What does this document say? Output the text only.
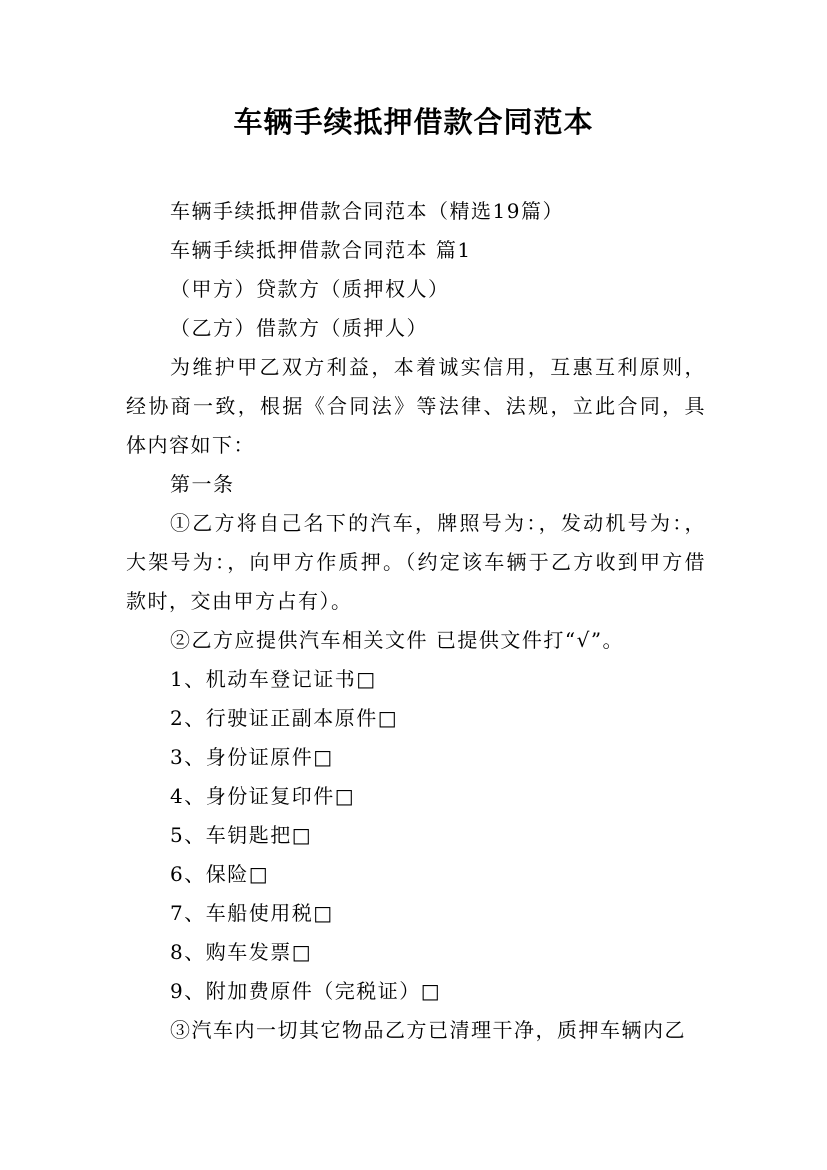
车辆手续抵押借款合同范本

车辆手续抵押借款合同范本（精选19篇）

车辆手续抵押借款合同范本 篇1

（甲方）贷款方（质押权人）

（乙方）借款方（质押人）

为维护甲乙双方利益，本着诚实信用，互惠互利原则，经协商一致，根据《合同法》等法律、法规，立此合同，具体内容如下：

第一条

①乙方将自己名下的汽车，牌照号为：，发动机号为：，大架号为：，向甲方作质押。（约定该车辆于乙方收到甲方借款时，交由甲方占有）。

②乙方应提供汽车相关文件 已提供文件打“√”。

1、机动车登记证书□

2、行驶证正副本原件□

3、身份证原件□

4、身份证复印件□

5、车钥匙把□

6、保险□

7、车船使用税□

8、购车发票□

9、附加费原件（完税证）□

③汽车内一切其它物品乙方已清理干净，质押车辆内乙
